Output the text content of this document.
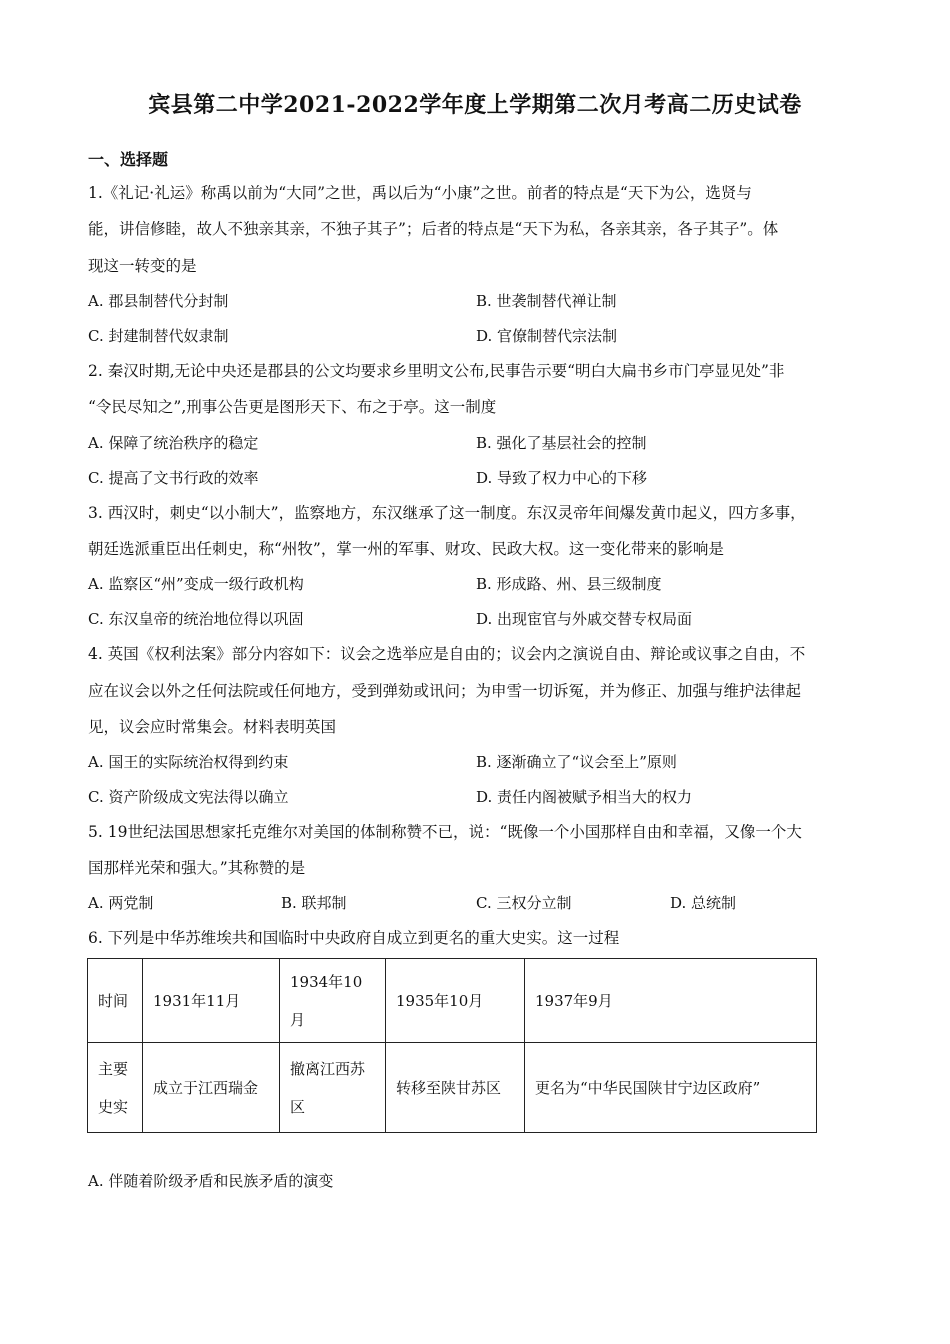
宾县第二中学2021-2022学年度上学期第二次月考高二历史试卷
一、选择题
1.《礼记·礼运》称禹以前为“大同”之世，禹以后为“小康”之世。前者的特点是“天下为公，选贤与
能，讲信修睦，故人不独亲其亲，不独子其子”；后者的特点是“天下为私，各亲其亲，各子其子”。体
现这一转变的是
A. 郡县制替代分封制	B. 世袭制替代禅让制
C. 封建制替代奴隶制	D. 官僚制替代宗法制
2. 秦汉时期,无论中央还是郡县的公文均要求乡里明文公布,民事告示要“明白大扁书乡市门亭显见处”非
“令民尽知之”,刑事公告更是图形天下、布之于亭。这一制度
A. 保障了统治秩序的稳定	B. 强化了基层社会的控制
C. 提高了文书行政的效率	D. 导致了权力中心的下移
3. 西汉时，刺史“以小制大”，监察地方，东汉继承了这一制度。东汉灵帝年间爆发黄巾起义，四方多事，
朝廷选派重臣出任刺史，称“州牧”，掌一州的军事、财攻、民政大权。这一变化带来的影响是
A. 监察区“州”变成一级行政机构	B. 形成路、州、县三级制度
C. 东汉皇帝的统治地位得以巩固	D. 出现宦官与外戚交替专权局面
4. 英国《权利法案》部分内容如下：议会之选举应是自由的；议会内之演说自由、辩论或议事之自由，不
应在议会以外之任何法院或任何地方，受到弹劾或讯问；为申雪一切诉冤，并为修正、加强与维护法律起
见，议会应时常集会。材料表明英国
A. 国王的实际统治权得到约束	B. 逐渐确立了“议会至上”原则
C. 资产阶级成文宪法得以确立	D. 责任内阁被赋予相当大的权力
5. 19世纪法国思想家托克维尔对美国的体制称赞不已，说：“既像一个小国那样自由和幸福，又像一个大
国那样光荣和强大。”其称赞的是
A. 两党制	B. 联邦制	C. 三权分立制	D. 总统制
6. 下列是中华苏维埃共和国临时中央政府自成立到更名的重大史实。这一过程
时间	1931年11月	1934年10月	1935年10月	1937年9月

主要史实	成立于江西瑞金	撤离江西苏区	转移至陕甘苏区	更名为“中华民国陕甘宁边区政府”
A. 伴随着阶级矛盾和民族矛盾的演变
